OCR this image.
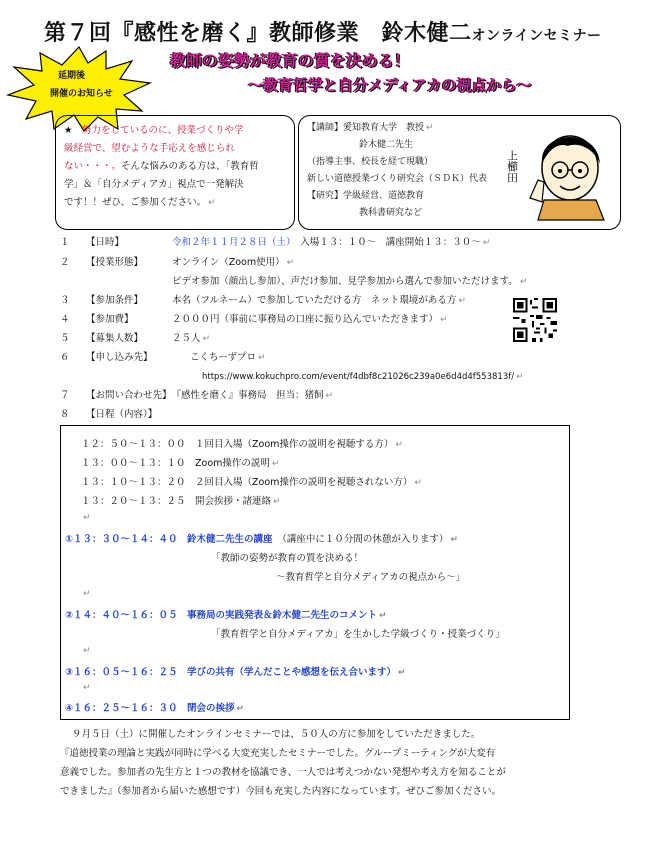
第７回『感性を磨く』教師修業　鈴木健二オンラインセミナー
教師の姿勢が教育の質を決める！
～教育哲学と自分メディアカの視点から～
延期後
開催のお知らせ
★　 努力をしているのに、授業づくりや学
級経営で、望むような手応えを感じられ
ない・・・。そんな悩みのある方は、「教育哲
学」＆「自分メディアカ」視点で一発解決
です！！ぜひ、ご参加ください。 ↵
【講師】愛知教育大学　教授 ↵
鈴木健二先生
（指導主事、校長を経て現職）
新しい道徳授業づくり研究会（ＳＤＫ）代表
【研究】学級経営、道徳教育
教科書研究など
上櫛田
１ 【日時】	令和２年１１月２８日（土）　 入場１３：１０～　講座開始１３：３０～ ↵
２ 【授業形態】	オンライン（Zoom使用） ↵
ビデオ参加（顔出し参加）、声だけ参加、見学参加から選んで参加いただけます。 ↵
３ 【参加条件】	本名（フルネーム）で参加していただける方　ネット環境がある方 ↵
４ 【参加費】	２０００円（事前に事務局の口座に振り込んでいただきます） ↵
５ 【募集人数】	２５人 ↵
６ 【申し込み先】	こくちーずプロ ↵
https://www.kokuchpro.com/event/f4dbf8c21026c239a0e6d4d4f553813f/ ↵
７ 【お問い合わせ先】『感性を磨く』事務局　担当：猪飼 ↵
８ 【日程（内容）】
１２：５０～１３：００　１回目入場（Zoom操作の説明を視聴する方） ↵
１３：００～１３：１０　Zoom操作の説明 ↵
１３：１０～１３：２０　２回目入場（Zoom操作の説明を視聴されない方） ↵
１３：２０～１３：２５　開会挨拶・諸連絡 ↵
↵
①１３：３０～１４：４０　鈴木健二先生の講座　 （講座中に１０分間の休憩が入ります） ↵
「教師の姿勢が教育の質を決める！
～教育哲学と自分メディアカの視点から～」
↵
②１４：４０～１６：０５　事務局の実践発表＆鈴木健二先生のコメント ↵
「教育哲学と自分メディアカ」を生かした学級づくり・授業づくり」
↵
③１６：０５～１６：２５　学びの共有（学んだことや感想を伝え合います） ↵
↵
④１６：２５～１６：３０　閉会の挨拶 ↵
９月５日（土）に開催したオンラインセミナーでは、５０人の方に参加をしていただきました。
『道徳授業の理論と実践が同時に学べる大変充実したセミナーでした。グループミーティングが大変有
意義でした。参加者の先生方と１つの教材を協議でき、一人では考えつかない発想や考え方を知ることが
できました』（参加者から届いた感想です）今回も充実した内容になっています。ぜひご参加ください。
